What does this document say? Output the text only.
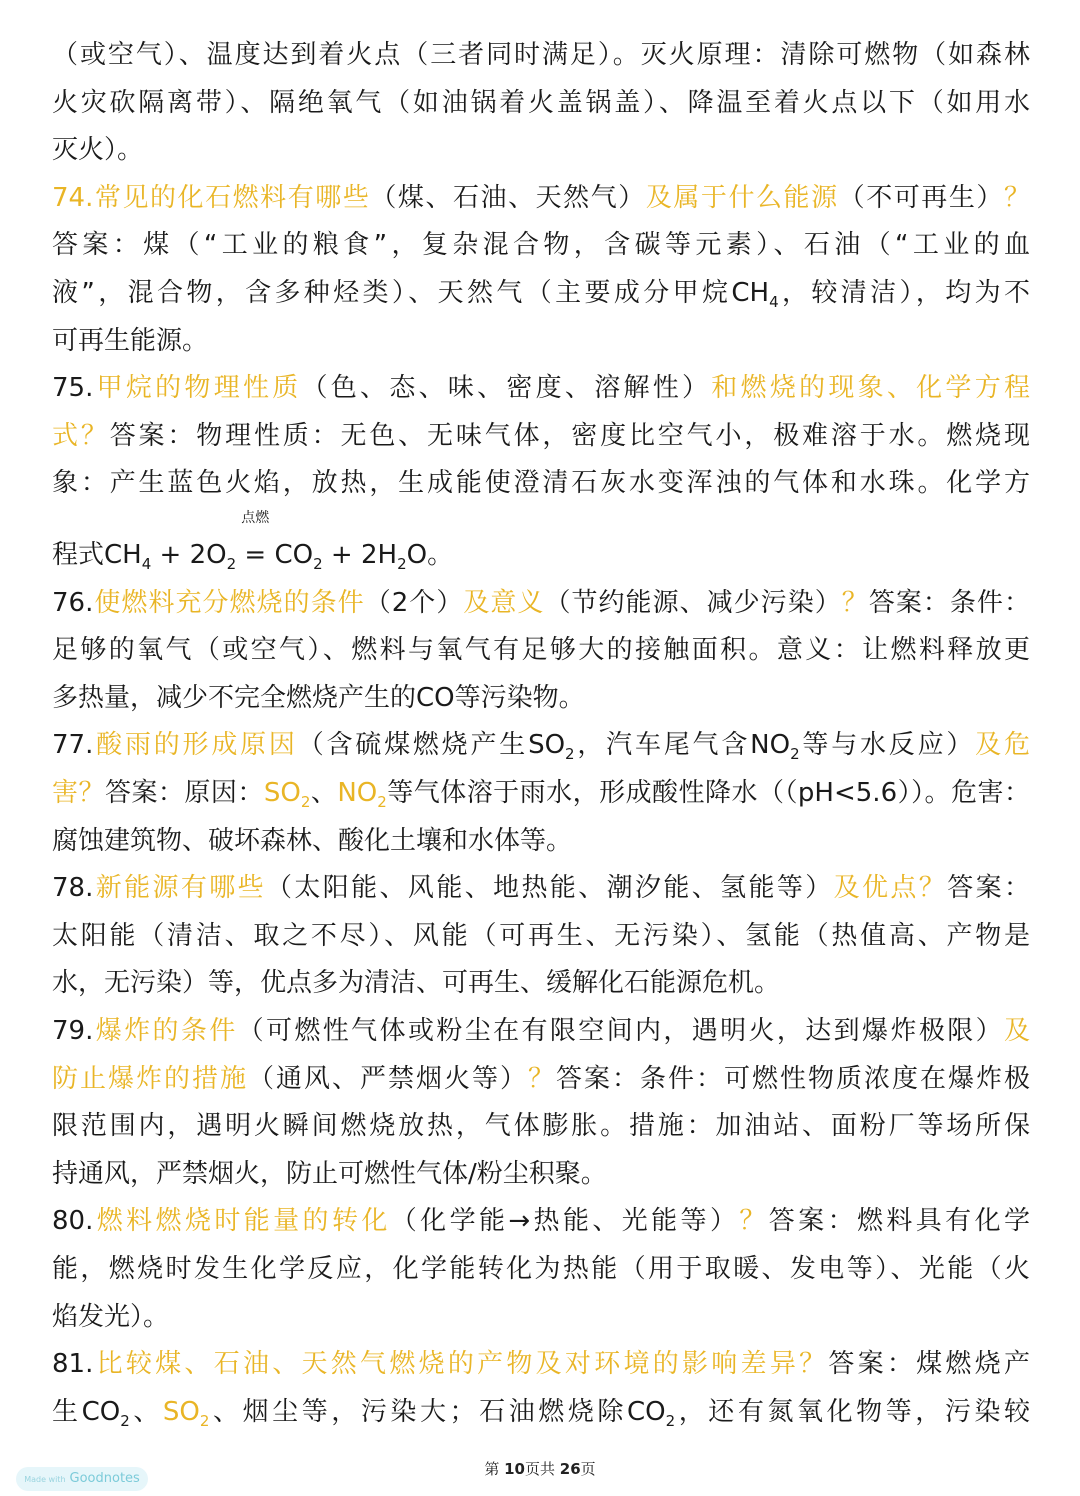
（或空气）、温度达到着火点（三者同时满足）。灭火原理：清除可燃物（如森林
火灾砍隔离带）、隔绝氧气（如油锅着火盖锅盖）、降温至着火点以下（如用水
灭火）。
74.常见的化石燃料有哪些（煤、石油、天然气）及属于什么能源（不可再生）？
答案：煤（“工业的粮食”，复杂混合物，含碳等元素）、石油（“工业的血
液”，混合物，含多种烃类）、天然气（主要成分甲烷$CH_4$，较清洁），均为不
可再生能源。
75.甲烷的物理性质（色、态、味、密度、溶解性）和燃烧的现象、化学方程
式？答案：物理性质：无色、无味气体，密度比空气小，极难溶于水。燃烧现
象：产生蓝色火焰，放热，生成能使澄清石灰水变浑浊的气体和水珠。化学方
程式$CH_4 + 2O_2$
点燃
= $CO_2 + 2H_2O$。
76.使燃料充分燃烧的条件（2个）及意义（节约能源、减少污染）？答案：条件：
足够的氧气（或空气）、燃料与氧气有足够大的接触面积。意义：让燃料释放更
多热量，减少不完全燃烧产生的CO等污染物。
77.酸雨的形成原因（含硫煤燃烧产生$SO_2$，汽车尾气含$NO_2$等与水反应）及危
害？答案：原因：$SO_2$、$NO_2$等气体溶于雨水，形成酸性降水（（pH<5.6））。危害：
腐蚀建筑物、破坏森林、酸化土壤和水体等。
78.新能源有哪些（太阳能、风能、地热能、潮汐能、氢能等）及优点？答案：
太阳能（清洁、取之不尽）、风能（可再生、无污染）、氢能（热值高、产物是
水，无污染）等，优点多为清洁、可再生、缓解化石能源危机。
79.爆炸的条件（可燃性气体或粉尘在有限空间内，遇明火，达到爆炸极限）及
防止爆炸的措施（通风、严禁烟火等）？答案：条件：可燃性物质浓度在爆炸极
限范围内，遇明火瞬间燃烧放热，气体膨胀。措施：加油站、面粉厂等场所保
持通风，严禁烟火，防止可燃性气体/粉尘积聚。
80.燃料燃烧时能量的转化（化学能→热能、光能等）？答案：燃料具有化学
能，燃烧时发生化学反应，化学能转化为热能（用于取暖、发电等）、光能（火
焰发光）。
81.比较煤、石油、天然气燃烧的产物及对环境的影响差异？答案：煤燃烧产
生$CO_2$、$SO_2$、烟尘等，污染大；石油燃烧除$CO_2$，还有氮氧化物等，污染较
第 10页共 26页
Made with Goodnotes
